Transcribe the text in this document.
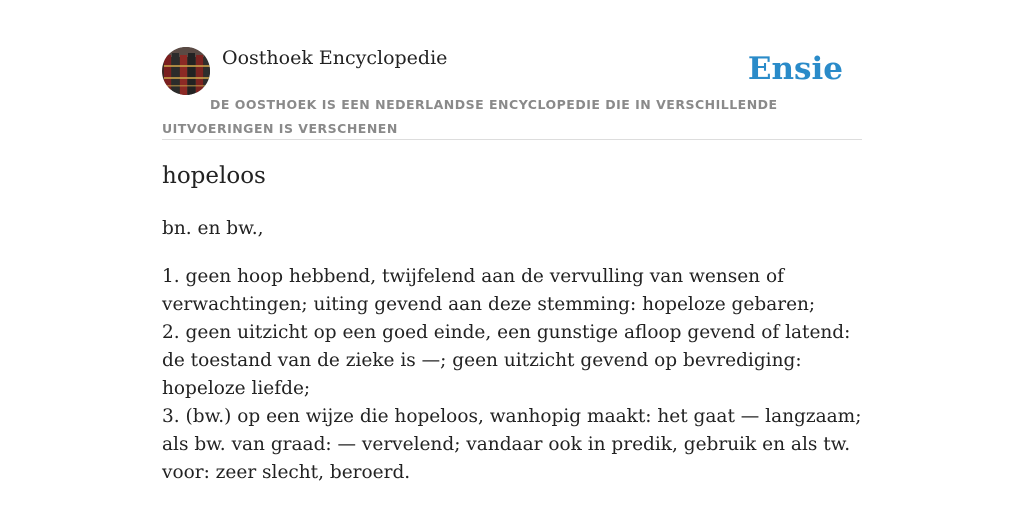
Oosthoek Encyclopedie	Ensie
DE OOSTHOEK IS EEN NEDERLANDSE ENCYCLOPEDIE DIE IN VERSCHILLENDE UITVOERINGEN IS VERSCHENEN
hopeloos
bn. en bw.,

1. geen hoop hebbend, twijfelend aan de vervulling van wensen of verwachtingen; uiting gevend aan deze stemming: hopeloze gebaren;

2. geen uitzicht op een goed einde, een gunstige afloop gevend of latend: de toestand van de zieke is —; geen uitzicht gevend op bevrediging: hopeloze liefde;

3. (bw.) op een wijze die hopeloos, wanhopig maakt: het gaat — langzaam; als bw. van graad: — vervelend; vandaar ook in predik, gebruik en als tw. voor: zeer slecht, beroerd.
